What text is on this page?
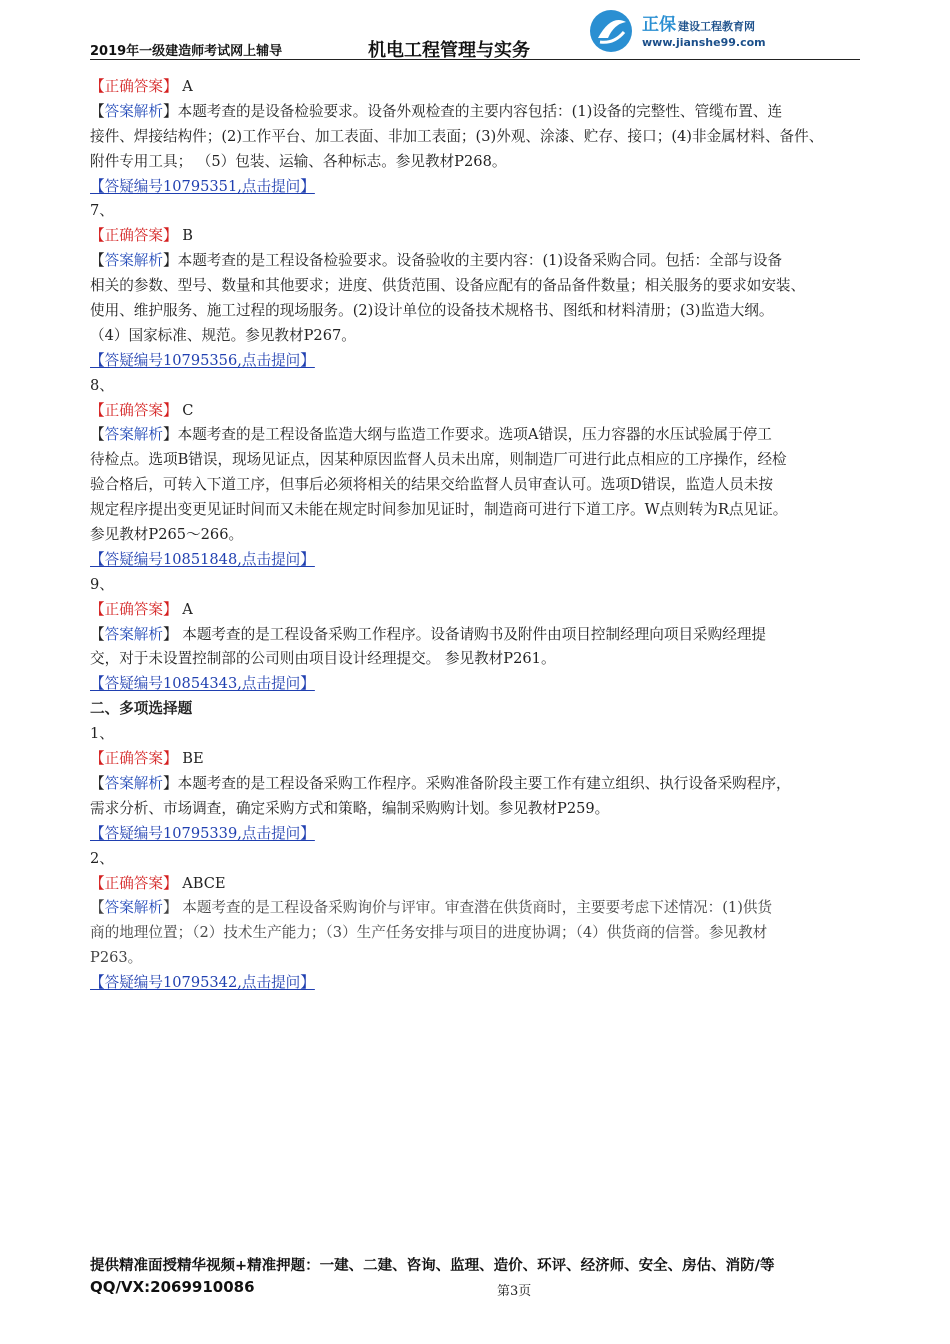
2019年一级建造师考试网上辅导	机电工程管理与实务
正保 建设工程教育网
www.jianshe99.com
【正确答案】 A
【答案解析】本题考查的是设备检验要求。设备外观检查的主要内容包括：(1)设备的完整性、管缆布置、连
接件、焊接结构件；(2)工作平台、加工表面、非加工表面；(3)外观、涂漆、贮存、接口；(4)非金属材料、备件、
附件专用工具； （5）包装、运输、各种标志。参见教材P268。
【答疑编号10795351,点击提问】
7、
【正确答案】 B
【答案解析】本题考查的是工程设备检验要求。设备验收的主要内容：(1)设备采购合同。包括：全部与设备
相关的参数、型号、数量和其他要求；进度、供货范围、设备应配有的备品备件数量；相关服务的要求如安装、
使用、维护服务、施工过程的现场服务。(2)设计单位的设备技术规格书、图纸和材料清册；(3)监造大纲。
（4）国家标准、规范。参见教材P267。
【答疑编号10795356,点击提问】
8、
【正确答案】 C
【答案解析】本题考查的是工程设备监造大纲与监造工作要求。选项A错误，压力容器的水压试验属于停工
待检点。选项B错误，现场见证点，因某种原因监督人员未出席，则制造厂可进行此点相应的工序操作，经检
验合格后，可转入下道工序，但事后必须将相关的结果交给监督人员审查认可。选项D错误，监造人员未按
规定程序提出变更见证时间而又未能在规定时间参加见证时，制造商可进行下道工序。W点则转为R点见证。
参见教材P265～266。
【答疑编号10851848,点击提问】
9、
【正确答案】 A
【答案解析】 本题考查的是工程设备采购工作程序。设备请购书及附件由项目控制经理向项目采购经理提
交，对于未设置控制部的公司则由项目设计经理提交。 参见教材P261。
【答疑编号10854343,点击提问】
二、多项选择题
1、
【正确答案】 BE
【答案解析】本题考查的是工程设备采购工作程序。采购准备阶段主要工作有建立组织、执行设备采购程序，
需求分析、市场调查，确定采购方式和策略，编制采购购计划。参见教材P259。
【答疑编号10795339,点击提问】
2、
【正确答案】 ABCE
【答案解析】 本题考查的是工程设备采购询价与评审。审查潜在供货商时，主要要考虑下述情况：(1)供货
商的地理位置；（2）技术生产能力；（3）生产任务安排与项目的进度协调；（4）供货商的信誉。参见教材
P263。
【答疑编号10795342,点击提问】
提供精准面授精华视频+精准押题：一建、二建、咨询、监理、造价、环评、经济师、安全、房估、消防/等
QQ/VX:2069910086	第3页
